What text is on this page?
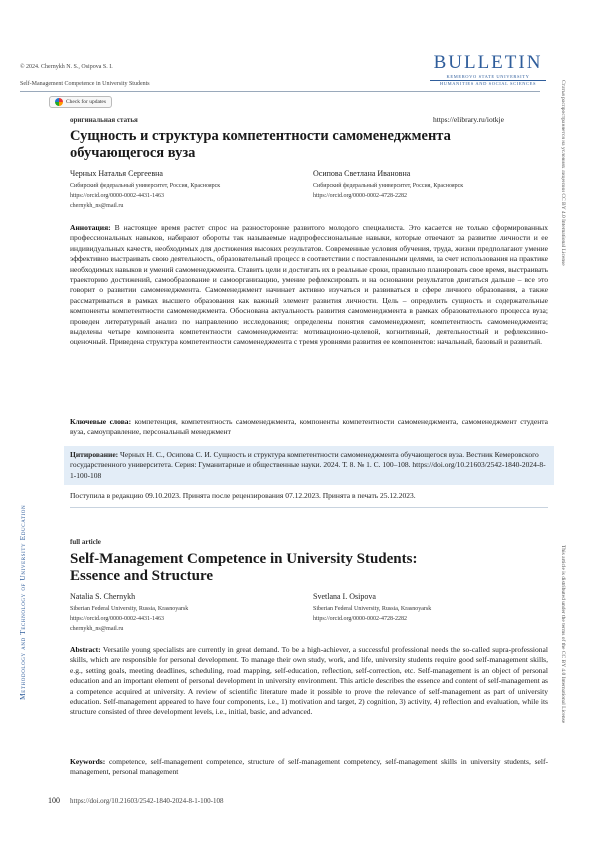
© 2024. Chernykh N. S., Osipova S. I.
Self-Management Competence in University Students
Check for updates
BULLETIN
KEMEROVO STATE UNIVERSITY
HUMANITIES AND SOCIAL SCIENCES	Статья распространяется на условиях лицензии CC BY 4.0 International License
This article is distributed under the terms of the CC BY 4.0 International License
Methodology and Technology of University Education
оригинальная статья	https://elibrary.ru/iotkje
Сущность и структура компетентности самоменеджмента
обучающегося вуза
Черных Наталья Сергеевна
Сибирский федеральный университет, Россия, Красноярск
https://orcid.org/0000-0002-4431-1463
chernykh_ns@mail.ru
Осипова Светлана Ивановна
Сибирский федеральный университет, Россия, Красноярск
https://orcid.org/0000-0002-4728-2282
Аннотация: В настоящее время растет спрос на разносторонне развитого молодого специалиста. Это касается не только сформированных профессиональных навыков, набирают обороты так называемые надпрофессиональные навыки, которые отвечают за развитие личности и ее индивидуальных качеств, необходимых для достижения высоких результатов. Современные условия обучения, труда, жизни предполагают умение эффективно выстраивать свою деятельность, образовательный процесс в соответствии с поставленными целями, за счет использования на практике необходимых навыков и умений самоменеджмента. Ставить цели и достигать их в реальные сроки, правильно планировать свое время, выстраивать траекторию достижений, самообразование и самоорганизацию, умение рефлексировать и на основании результатов двигаться дальше – все это говорит о развитии самоменеджмента. Самоменеджмент начинает активно изучаться и развиваться в сфере личного образования, а также рассматриваться в рамках высшего образования как важный элемент развития личности. Цель – определить сущность и содержательные компоненты компетентности самоменеджмента. Обоснована актуальность развития самоменеджмента в рамках образовательного процесса вуза; проведен литературный анализ по направлению исследования; определены понятия самоменеджмент, компетентность самоменеджмента; выделены четыре компонента компетентности самоменеджмента: мотивационно-целевой, когнитивный, деятельностный и рефлексивно-оценочный. Приведена структура компетентности самоменеджмента с тремя уровнями развития ее компонентов: начальный, базовый и развитый.
Ключевые слова: компетенция, компетентность самоменеджмента, компоненты компетентности самоменеджмента, самоменеджмент студента вуза, самоуправление, персональный менеджмент
Цитирование: Черных Н. С., Осипова С. И. Сущность и структура компетентности самоменеджмента обучающегося вуза. Вестник Кемеровского государственного университета. Серия: Гуманитарные и общественные науки. 2024. Т. 8. № 1. С. 100–108. https://doi.org/10.21603/2542-1840-2024-8-1-100-108
Поступила в редакцию 09.10.2023. Принята после рецензирования 07.12.2023. Принята в печать 25.12.2023.
full article
Self-Management Competence in University Students:
Essence and Structure
Natalia S. Chernykh
Siberian Federal University, Russia, Krasnoyarsk
https://orcid.org/0000-0002-4431-1463
chernykh_ns@mail.ru
Svetlana I. Osipova
Siberian Federal University, Russia, Krasnoyarsk
https://orcid.org/0000-0002-4728-2282
Abstract: Versatile young specialists are currently in great demand. To be a high-achiever, a successful professional needs the so-called supra-professional skills, which are responsible for personal development. To manage their own study, work, and life, university students require good self-management skills, e.g., setting goals, meeting deadlines, scheduling, road mapping, self-education, reflection, self-correction, etc. Self-management is an object of personal education and an important element of personal development in university environment. This article describes the essence and content of self-management as a competence acquired at university. A review of scientific literature made it possible to prove the relevance of self-management as part of university education. Self-management appeared to have four components, i.e., 1) motivation and target, 2) cognition, 3) activity, 4) reflection and evaluation, while its structure consisted of three development levels, i.e., initial, basic, and advanced.
Keywords: competence, self-management competence, structure of self-management competency, self-management skills in university students, self-management, personal management
100 https://doi.org/10.21603/2542-1840-2024-8-1-100-108
